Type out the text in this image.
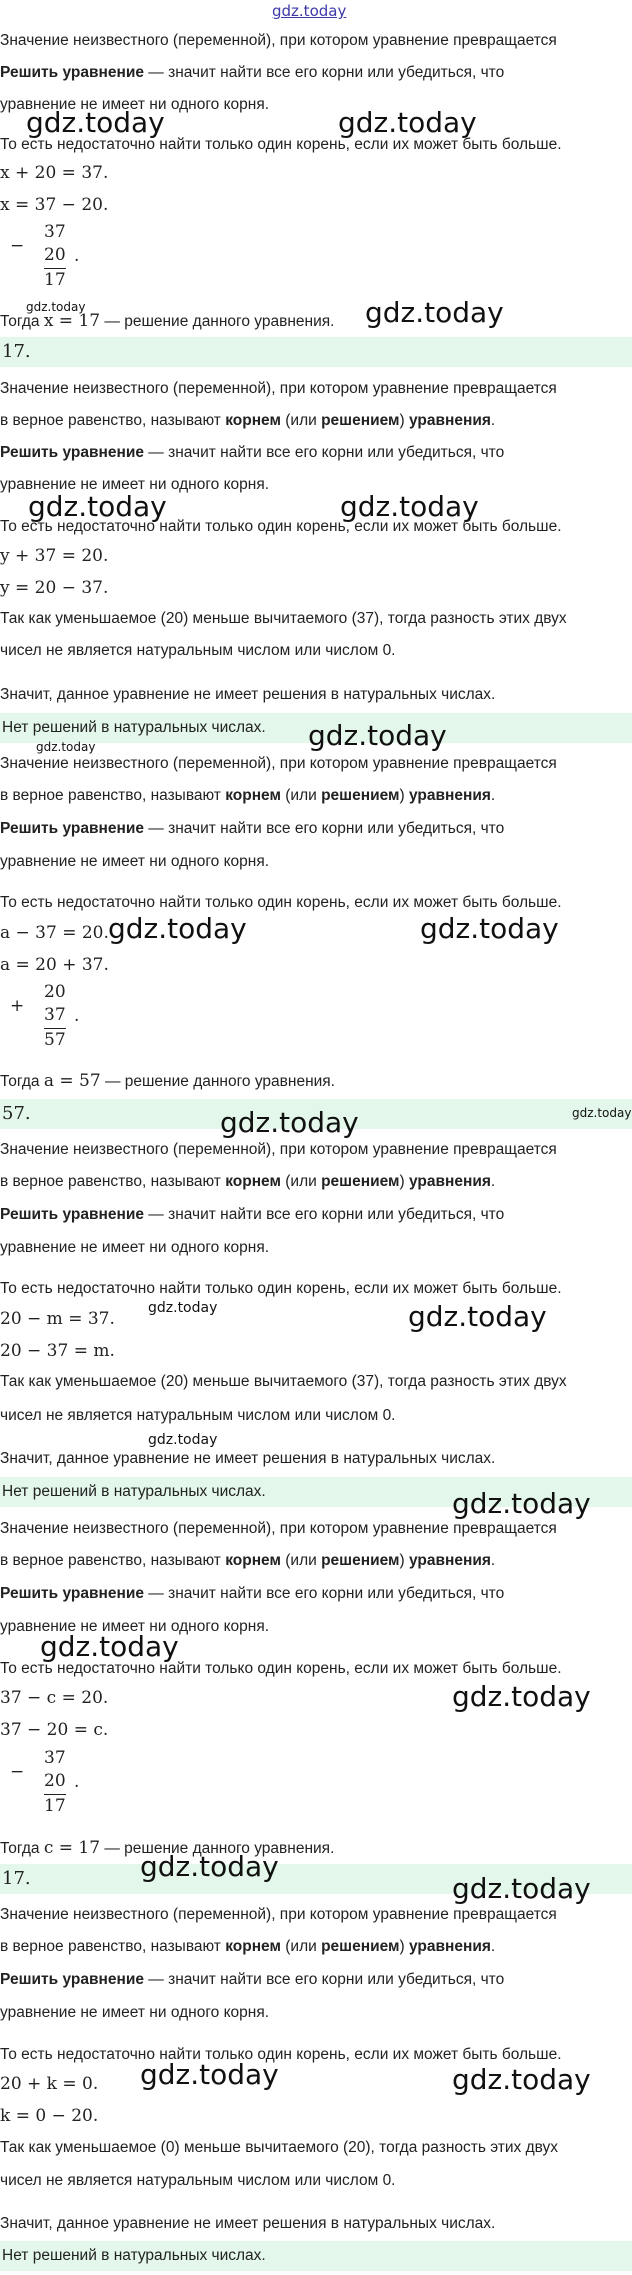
gdz.today
Значение неизвестного (переменной), при котором уравнение превращается
Решить уравнение — значит найти все его корни или убедиться, что
уравнение не имеет ни одного корня.
То есть недостаточно найти только один корень, если их может быть больше.
x + 20 = 37.
x = 37 − 20.
−
37
20
17
.
Тогда x = 17 — решение данного уравнения.
17.
Значение неизвестного (переменной), при котором уравнение превращается
в верное равенство, называют корнем (или решением) уравнения.
Решить уравнение — значит найти все его корни или убедиться, что
уравнение не имеет ни одного корня.
То есть недостаточно найти только один корень, если их может быть больше.
y + 37 = 20.
y = 20 − 37.
Так как уменьшаемое (20) меньше вычитаемого (37), тогда разность этих двух
чисел не является натуральным числом или числом 0.
Значит, данное уравнение не имеет решения в натуральных числах.
Нет решений в натуральных числах.
Значение неизвестного (переменной), при котором уравнение превращается
в верное равенство, называют корнем (или решением) уравнения.
Решить уравнение — значит найти все его корни или убедиться, что
уравнение не имеет ни одного корня.
То есть недостаточно найти только один корень, если их может быть больше.
a − 37 = 20.
a = 20 + 37.
+
20
37
57
.
Тогда a = 57 — решение данного уравнения.
57.
Значение неизвестного (переменной), при котором уравнение превращается
в верное равенство, называют корнем (или решением) уравнения.
Решить уравнение — значит найти все его корни или убедиться, что
уравнение не имеет ни одного корня.
То есть недостаточно найти только один корень, если их может быть больше.
20 − m = 37.
20 − 37 = m.
Так как уменьшаемое (20) меньше вычитаемого (37), тогда разность этих двух
чисел не является натуральным числом или числом 0.
Значит, данное уравнение не имеет решения в натуральных числах.
Нет решений в натуральных числах.
Значение неизвестного (переменной), при котором уравнение превращается
в верное равенство, называют корнем (или решением) уравнения.
Решить уравнение — значит найти все его корни или убедиться, что
уравнение не имеет ни одного корня.
То есть недостаточно найти только один корень, если их может быть больше.
37 − c = 20.
37 − 20 = c.
−
37
20
17
.
Тогда c = 17 — решение данного уравнения.
17.
Значение неизвестного (переменной), при котором уравнение превращается
в верное равенство, называют корнем (или решением) уравнения.
Решить уравнение — значит найти все его корни или убедиться, что
уравнение не имеет ни одного корня.
То есть недостаточно найти только один корень, если их может быть больше.
20 + k = 0.
k = 0 − 20.
Так как уменьшаемое (0) меньше вычитаемого (20), тогда разность этих двух
чисел не является натуральным числом или числом 0.
Значит, данное уравнение не имеет решения в натуральных числах.
Нет решений в натуральных числах.
gdz.today	gdz.today
gdz.today	gdz.today
gdz.today	gdz.today
gdz.today
gdz.today
gdz.today	gdz.today
gdz.today	gdz.today
gdz.today	gdz.today
gdz.today
gdz.today
gdz.today
gdz.today
gdz.today
gdz.today
gdz.today	gdz.today
